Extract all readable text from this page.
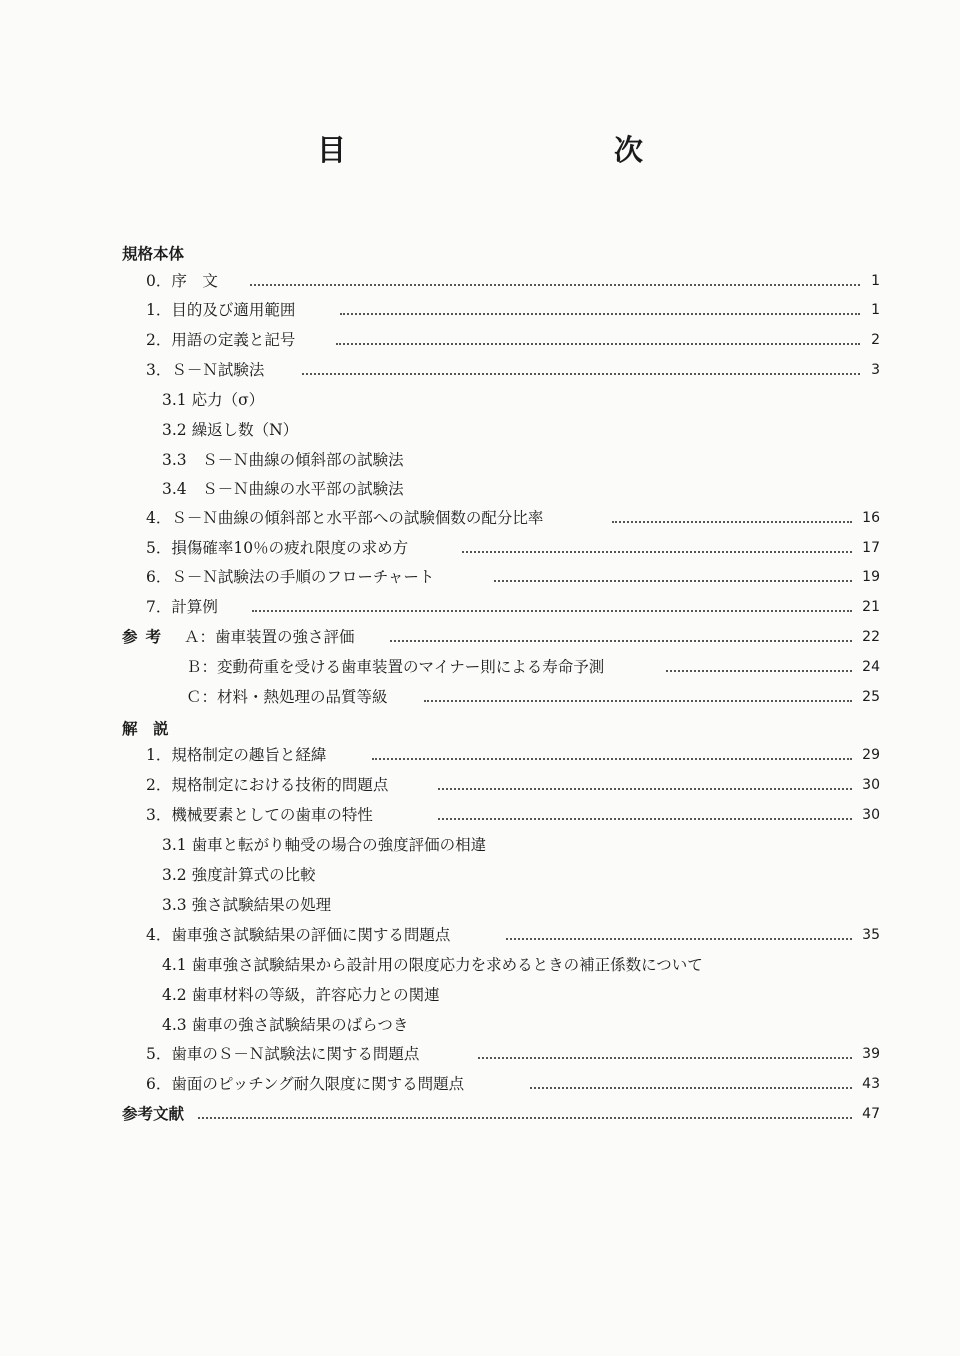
目　　次
規格本体
0．序　文	1
1．目的及び適用範囲	1
2．用語の定義と記号	2
3．Ｓ－Ｎ試験法	3
3.1 応力（σ）
3.2 繰返し数（N）
3.3　Ｓ－Ｎ曲線の傾斜部の試験法
3.4　Ｓ－Ｎ曲線の水平部の試験法
4．Ｓ－Ｎ曲線の傾斜部と水平部への試験個数の配分比率	16
5．損傷確率10％の疲れ限度の求め方	17
6．Ｓ－Ｎ試験法の手順のフローチャート	19
7．計算例	21
参考 Ａ：歯車装置の強さ評価	22
Ｂ：変動荷重を受ける歯車装置のマイナー則による寿命予測	24
Ｃ：材料・熱処理の品質等級	25
解　説
1．規格制定の趣旨と経緯	29
2．規格制定における技術的問題点	30
3．機械要素としての歯車の特性	30
3.1 歯車と転がり軸受の場合の強度評価の相違
3.2 強度計算式の比較
3.3 強さ試験結果の処理
4．歯車強さ試験結果の評価に関する問題点	35
4.1 歯車強さ試験結果から設計用の限度応力を求めるときの補正係数について
4.2 歯車材料の等級，許容応力との関連
4.3 歯車の強さ試験結果のばらつき
5．歯車のＳ－Ｎ試験法に関する問題点	39
6．歯面のピッチング耐久限度に関する問題点	43
参考文献	47
